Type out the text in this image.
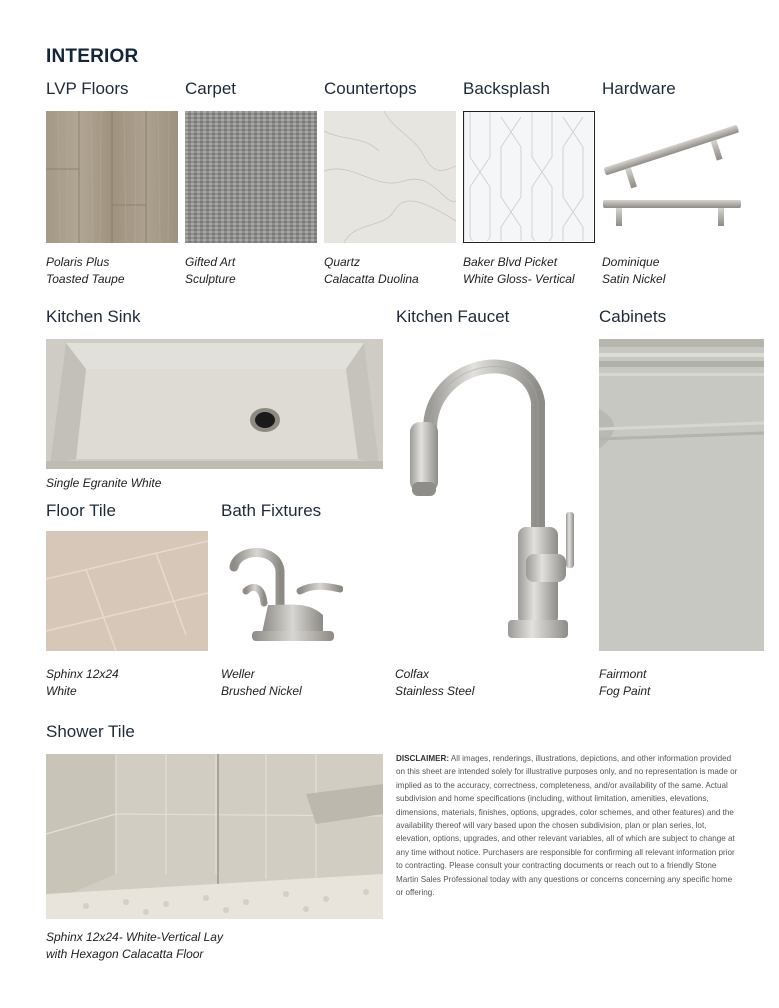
INTERIOR
LVP Floors	Carpet	Countertops	Backsplash	Hardware
Polaris Plus
Toasted Taupe
Gifted Art
Sculpture
Quartz
Calacatta Duolina
Baker Blvd Picket
White Gloss- Vertical
Dominique
Satin Nickel
Kitchen Sink	Kitchen Faucet	Cabinets
Single Egranite White
Colfax
Stainless Steel
Fairmont
Fog Paint
Floor Tile	Bath Fixtures
Sphinx 12x24
White
Weller
Brushed Nickel
Shower Tile
Sphinx 12x24- White-Vertical Lay
with Hexagon Calacatta Floor
DISCLAIMER: All images, renderings, illustrations, depictions, and other information provided on this sheet are intended solely for illustrative purposes only, and no representation is made or implied as to the accuracy, correctness, completeness, and/or availability of the same. Actual subdivision and home specifications (including, without limitation, amenities, elevations, dimensions, materials, finishes, options, upgrades, color schemes, and other features) and the availability thereof will vary based upon the chosen subdivision, plan or plan series, lot, elevation, options, upgrades, and other relevant variables, all of which are subject to change at any time without notice. Purchasers are responsible for confirming all relevant information prior to contracting. Please consult your contracting documents or reach out to a friendly Stone Martin Sales Professional today with any questions or concerns concerning any specific home or offering.
